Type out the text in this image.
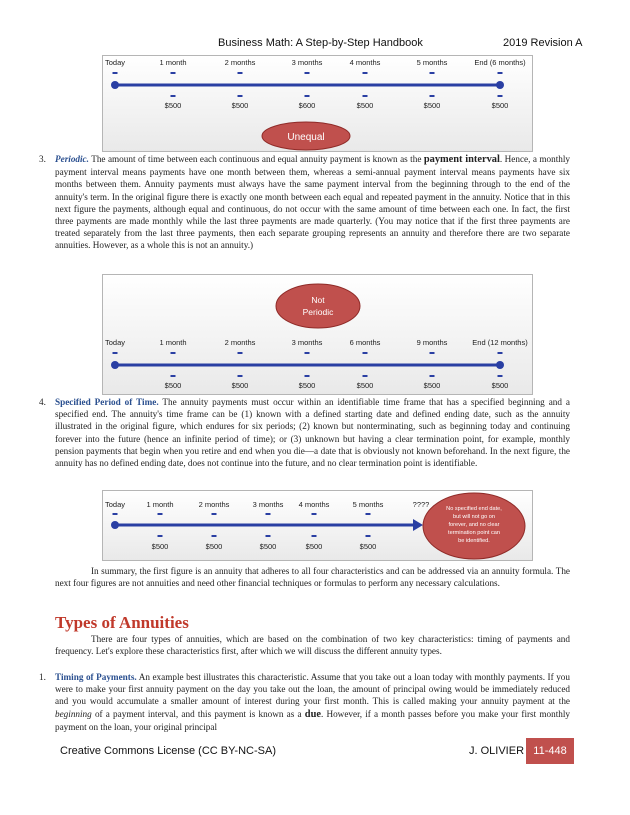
Business Math: A Step-by-Step Handbook	2019 Revision A
Today	1 month	2 months	3 months	4 months	5 months	End (6 months)
$500	$500	$600	$500	$500	$500
Unequal

3. Periodic. The amount of time between each continuous and equal annuity payment is known as the payment interval. Hence, a monthly payment interval means payments have one month between them, whereas a semi-annual payment interval means payments have six months between them. Annuity payments must always have the same payment interval from the beginning through to the end of the annuity's term. In the original figure there is exactly one month between each equal and repeated payment in the annuity. Notice that in this next figure the payments, although equal and continuous, do not occur with the same amount of time between each one. In fact, the first three payments are made monthly while the last three payments are made quarterly. (You may notice that if the first three payments are treated separately from the last three payments, then each separate grouping represents an annuity and therefore there are two separate annuities. However, as a whole this is not an annuity.)

Not
Periodic
Today	1 month	2 months	3 months	6 months	9 months	End (12 months)
$500	$500	$500	$500	$500	$500

4. Specified Period of Time. The annuity payments must occur within an identifiable time frame that has a specified beginning and a specified end. The annuity's time frame can be (1) known with a defined starting date and defined ending date, such as the annuity illustrated in the original figure, which endures for six periods; (2) known but nonterminating, such as beginning today and continuing forever into the future (hence an infinite period of time); or (3) unknown but having a clear termination point, for example, monthly pension payments that begin when you retire and end when you die—a date that is obviously not known beforehand. In the next figure, the annuity has no defined ending date, does not continue into the future, and no clear termination point is identifiable.

Today	1 month	2 months	3 months 4 months	5 months	????
$500	$500	$500	$500	$500
No specified end date,
but will not go on
forever, and no clear
termination point can
be identified.

In summary, the first figure is an annuity that adheres to all four characteristics and can be addressed via an annuity formula. The next four figures are not annuities and need other financial techniques or formulas to perform any necessary calculations.

Types of Annuities

There are four types of annuities, which are based on the combination of two key characteristics: timing of payments and frequency. Let's explore these characteristics first, after which we will discuss the different annuity types.

1. Timing of Payments. An example best illustrates this characteristic. Assume that you take out a loan today with monthly payments. If you were to make your first annuity payment on the day you take out the loan, the amount of principal owing would be immediately reduced and you would accumulate a smaller amount of interest during your first month. This is called making your annuity payment at the beginning of a payment interval, and this payment is known as a due. However, if a month passes before you make your first monthly payment on the loan, your original principal

Creative Commons License (CC BY-NC-SA)	J. OLIVIER 11-448
